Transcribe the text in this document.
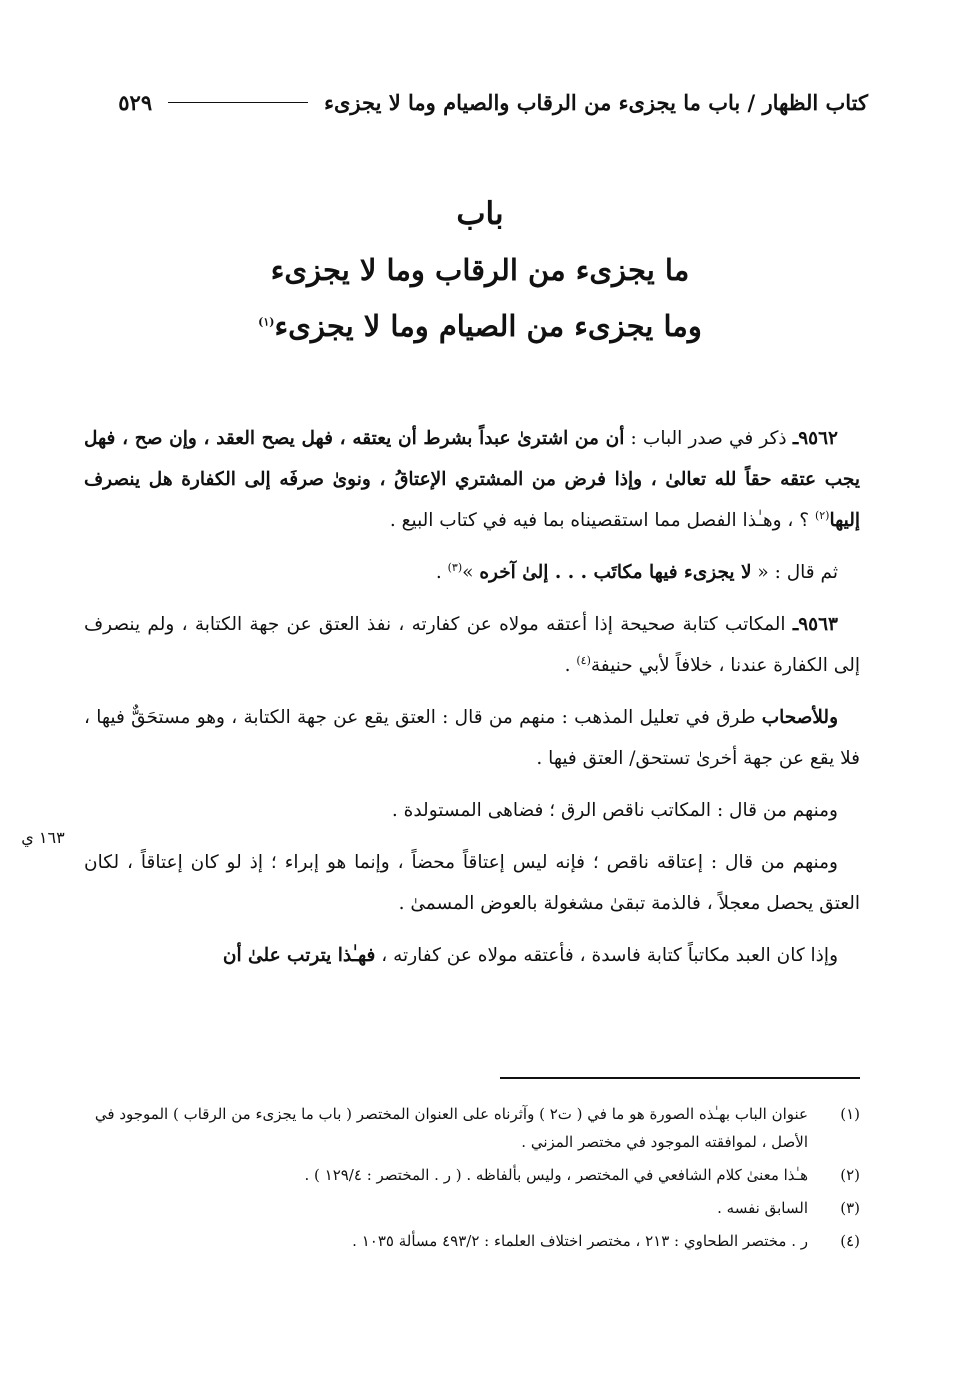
كتاب الظهار / باب ما يجزىء من الرقاب والصيام وما لا يجزىء
٥٢٩
باب
ما يجزىء من الرقاب وما لا يجزىء
وما يجزىء من الصيام وما لا يجزىء$^{(١)}$

٩٥٦٢ـ ذكر في صدر الباب : أن من اشترىٰ عبداً بشرط أن يعتقه ، فهل يصح العقد ، وإن صح ، فهل يجب عتقه حقاً لله تعالىٰ ، وإذا فرض من المشتري الإعتاقُ ، ونوىٰ صرفَه إلى الكفارة هل ينصرف إليها$^{(٢)}$ ؟ ، وهـٰذا الفصل مما استقصيناه بما فيه في كتاب البيع .

ثم قال : « لا يجزىء فيها مكاتَب . . . إلىٰ آخره »$^{(٣)}$ .

٩٥٦٣ـ المكاتب كتابة صحيحة إذا أعتقه مولاه عن كفارته ، نفذ العتق عن جهة الكتابة ، ولم ينصرف إلى الكفارة عندنا ، خلافاً لأبي حنيفة$^{(٤)}$ .

وللأصحاب طرق في تعليل المذهب : منهم من قال : العتق يقع عن جهة الكتابة ، وهو مستحَقٌّ فيها ، فلا يقع عن جهة أخرىٰ تستحق/ العتق فيها .

ومنهم من قال : المكاتب ناقص الرق ؛ فضاهى المستولدة .

ومنهم من قال : إعتاقه ناقص ؛ فإنه ليس إعتاقاً محضاً ، وإنما هو إبراء ؛ إذ لو كان إعتاقاً ، لكان العتق يحصل معجلاً ، فالذمة تبقىٰ مشغولة بالعوض المسمىٰ .

وإذا كان العبد مكاتباً كتابة فاسدة ، فأعتقه مولاه عن كفارته ، فهـٰذا يترتب علىٰ أن

١٦٣ ي
(١)
عنوان الباب بهـٰذه الصورة هو ما في ( ت٢ ) وآثرناه على العنوان المختصر ( باب ما يجزىء من الرقاب ) الموجود في الأصل ، لموافقته الموجود في مختصر المزني .
(٢)
هـٰذا معنىٰ كلام الشافعي في المختصر ، وليس بألفاظه . ( ر . المختصر : ١٢٩/٤ ) .
(٣)
السابق نفسه .
(٤)
ر . مختصر الطحاوي : ٢١٣ ، مختصر اختلاف العلماء : ٤٩٣/٢ مسألة ١٠٣٥ .
